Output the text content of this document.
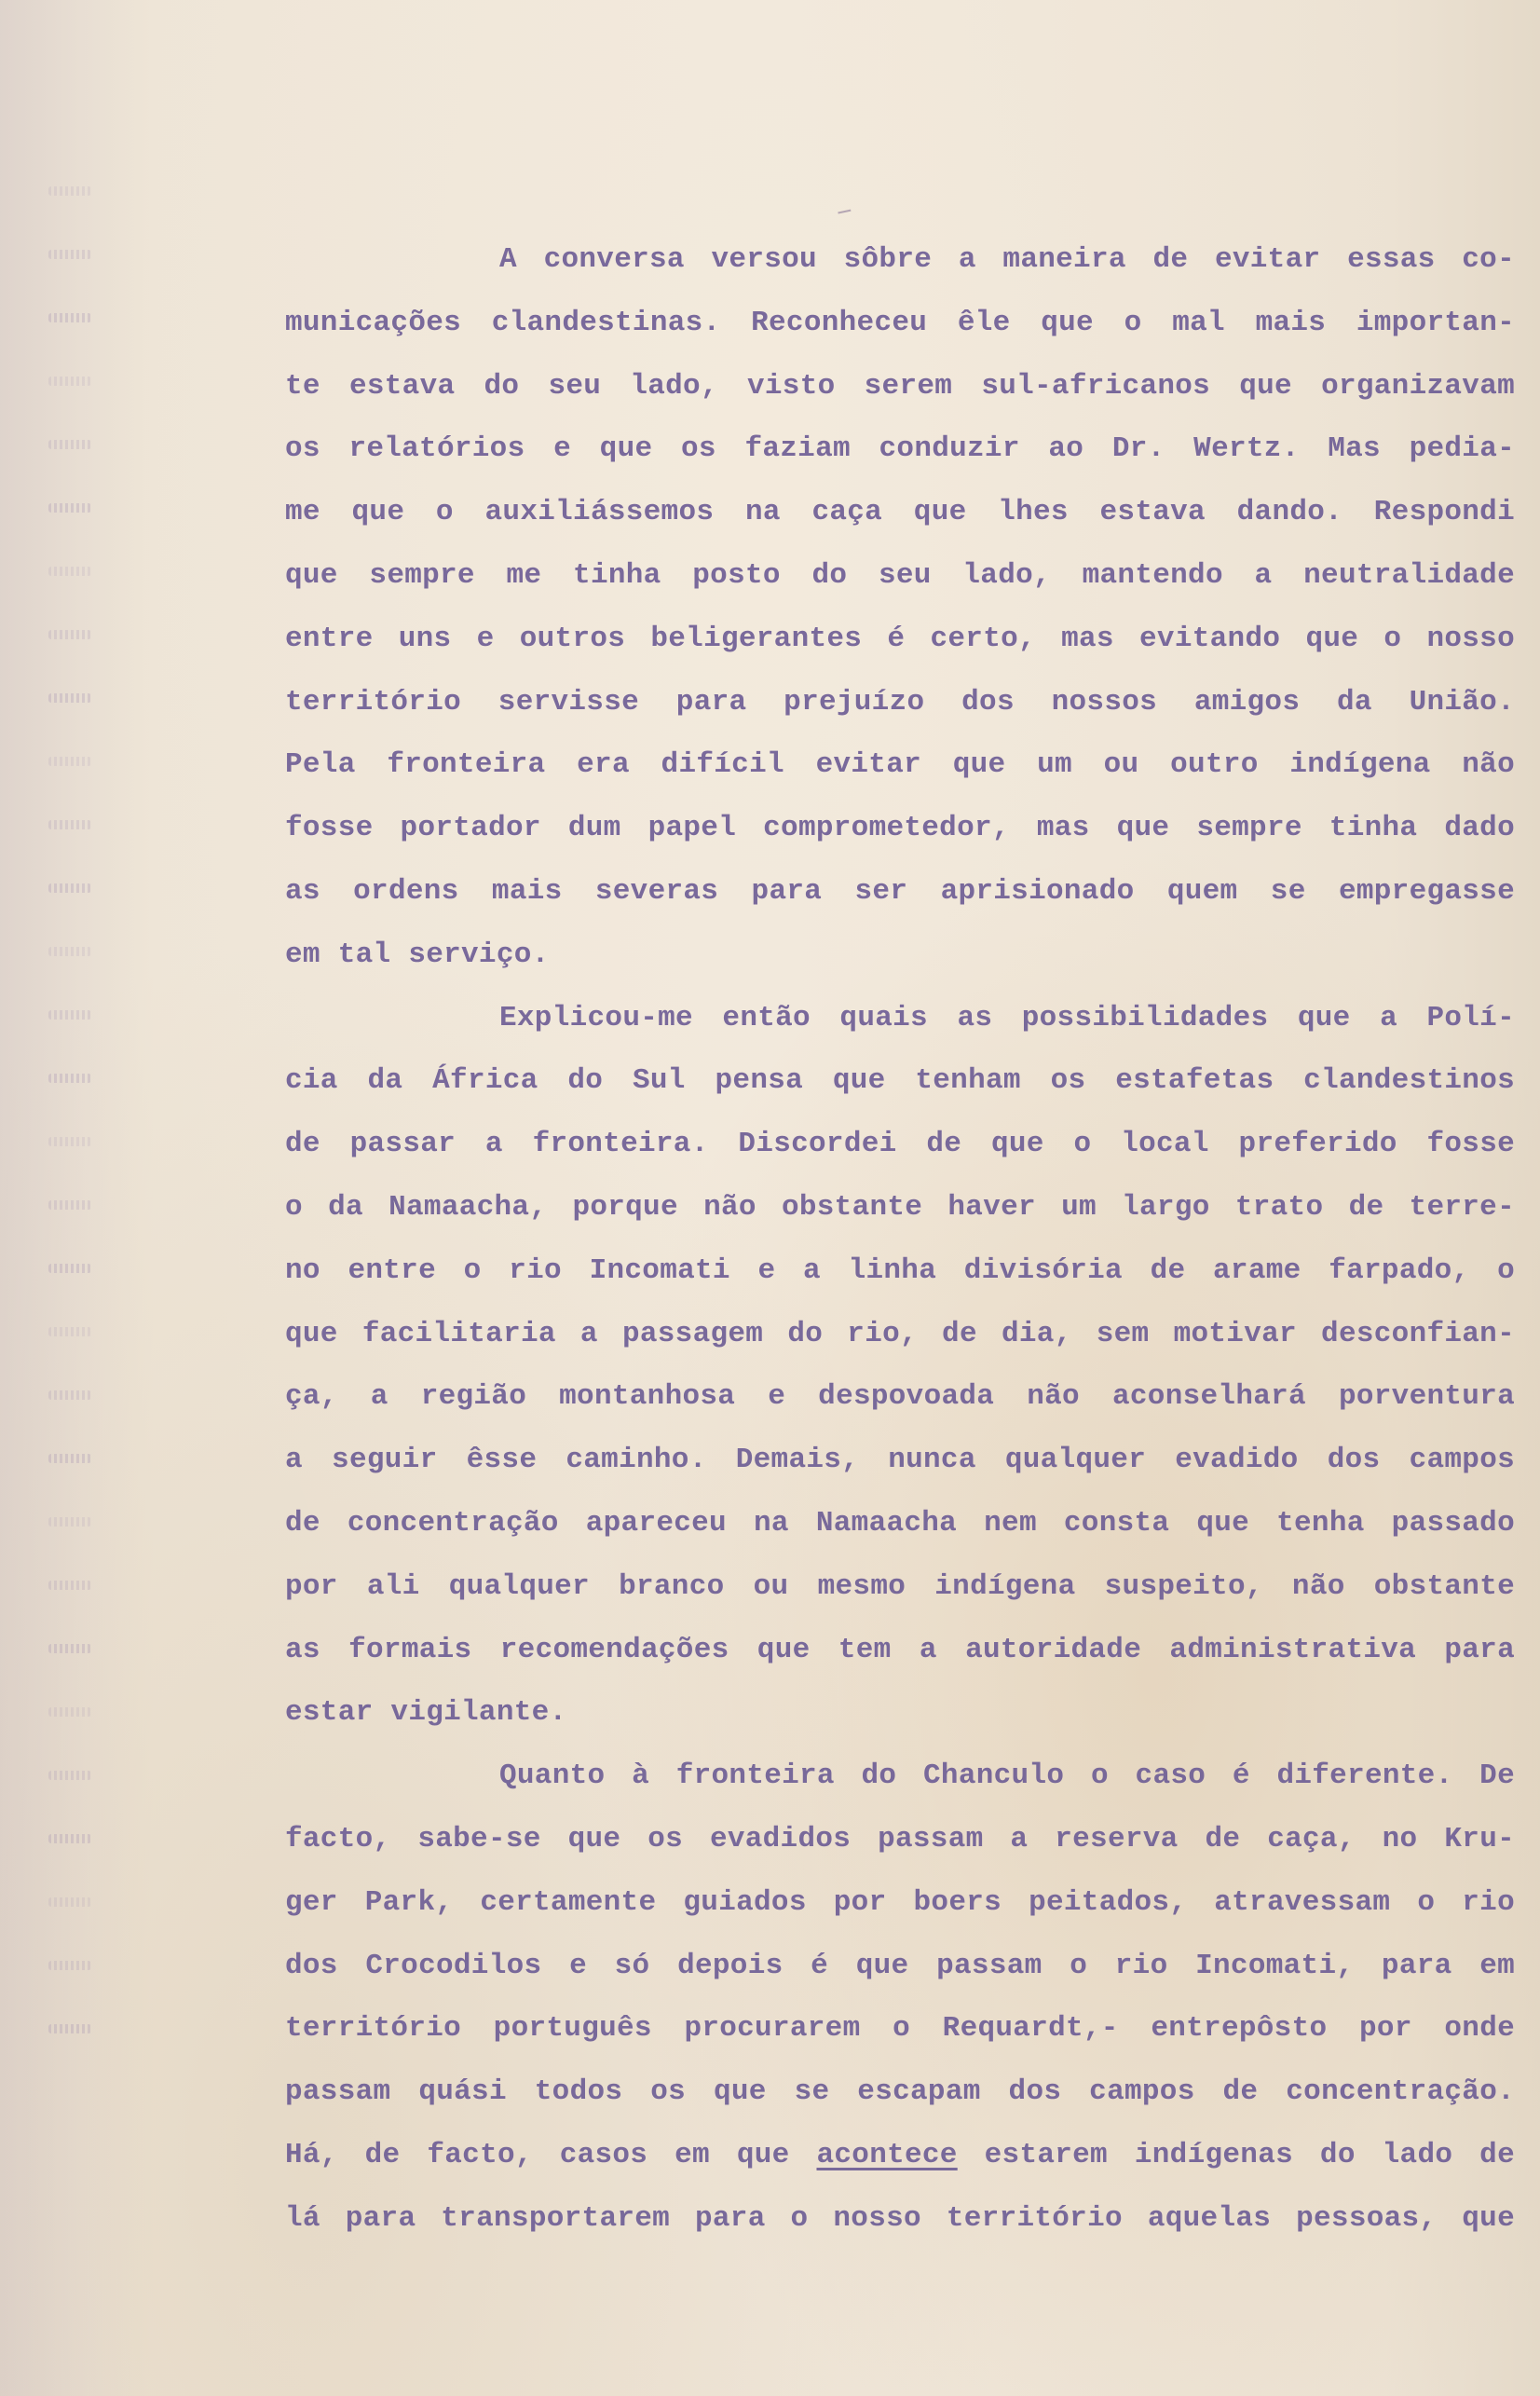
A conversa versou sôbre a maneira de evitar essas co-
municações clandestinas. Reconheceu êle que o mal mais importan-
te estava do seu lado, visto serem sul-africanos que organizavam
os relatórios e que os faziam conduzir ao Dr. Wertz. Mas pedia-
me que o auxiliássemos na caça que lhes estava dando. Respondi
que sempre me tinha posto do seu lado, mantendo a neutralidade
entre uns e outros beligerantes é certo, mas evitando que o nosso
território servisse para prejuízo dos nossos amigos da União.
Pela fronteira era difícil evitar que um ou outro indígena não
fosse portador dum papel comprometedor, mas que sempre tinha dado
as ordens mais severas para ser aprisionado quem se empregasse
em tal serviço.
Explicou-me então quais as possibilidades que a Polí-
cia da África do Sul pensa que tenham os estafetas clandestinos
de passar a fronteira. Discordei de que o local preferido fosse
o da Namaacha, porque não obstante haver um largo trato de terre-
no entre o rio Incomati e a linha divisória de arame farpado, o
que facilitaria a passagem do rio, de dia, sem motivar desconfian-
ça, a região montanhosa e despovoada não aconselhará porventura
a seguir êsse caminho. Demais, nunca qualquer evadido dos campos
de concentração apareceu na Namaacha nem consta que tenha passado
por ali qualquer branco ou mesmo indígena suspeito, não obstante
as formais recomendações que tem a autoridade administrativa para
estar vigilante.
Quanto à fronteira do Chanculo o caso é diferente. De
facto, sabe-se que os evadidos passam a reserva de caça, no Kru-
ger Park, certamente guiados por boers peitados, atravessam o rio
dos Crocodilos e só depois é que passam o rio Incomati, para em
território português procurarem o Requardt,- entrepôsto por onde
passam quási todos os que se escapam dos campos de concentração.
Há, de facto, casos em que acontece estarem indígenas do lado de
lá para transportarem para o nosso território aquelas pessoas, que
